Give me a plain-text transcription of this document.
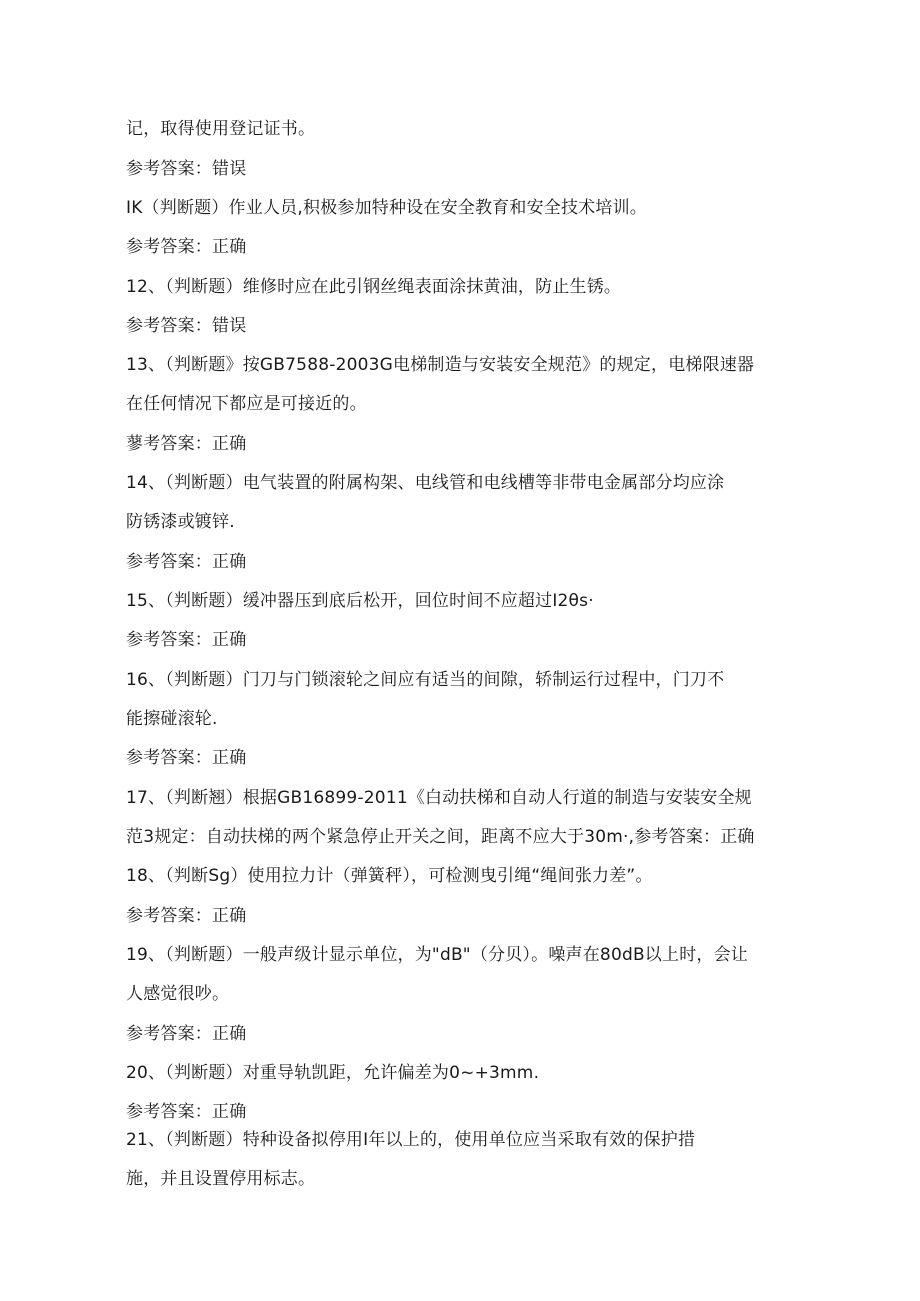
记，取得使用登记证书。
参考答案：错误
IK（判断题）作业人员,积极参加特种设在安全教育和安全技术培训。
参考答案：正确
12、（判断题）维修时应在此引钢丝绳表面涂抹黄油，防止生锈。
参考答案：错误
13、（判断题》按GB7588-2003G电梯制造与安装安全规范》的规定，电梯限速器
在任何情况下都应是可接近的。
蓼考答案：正确
14、（判断题）电气装置的附属构架、电线管和电线槽等非带电金属部分均应涂
防锈漆或镀锌.
参考答案：正确
15、（判断题）缓冲器压到底后松开，回位时间不应超过I2θs·
参考答案：正确
16、（判断题）门刀与门锁滚轮之间应有适当的间隙，轿制运行过程中，门刀不
能擦碰滚轮.
参考答案：正确
17、（判断翘）根据GB16899-2011《白动扶梯和自动人行道的制造与安装安全规
范3规定：自动扶梯的两个紧急停止开关之间，距离不应大于30m·,参考答案：正确
18、（判断Sg）使用拉力计（弹簧秤），可检测曳引绳“绳间张力差”。
参考答案：正确
19、（判断题）一般声级计显示单位，为"dB"（分贝）。噪声在80dB以上时，会让
人感觉很吵。
参考答案：正确
20、（判断题）对重导轨凯距，允许偏差为0~+3mm.
参考答案：正确
21、（判断题）特种设备拟停用I年以上的，使用单位应当采取有效的保护措
施，并且设置停用标志。
